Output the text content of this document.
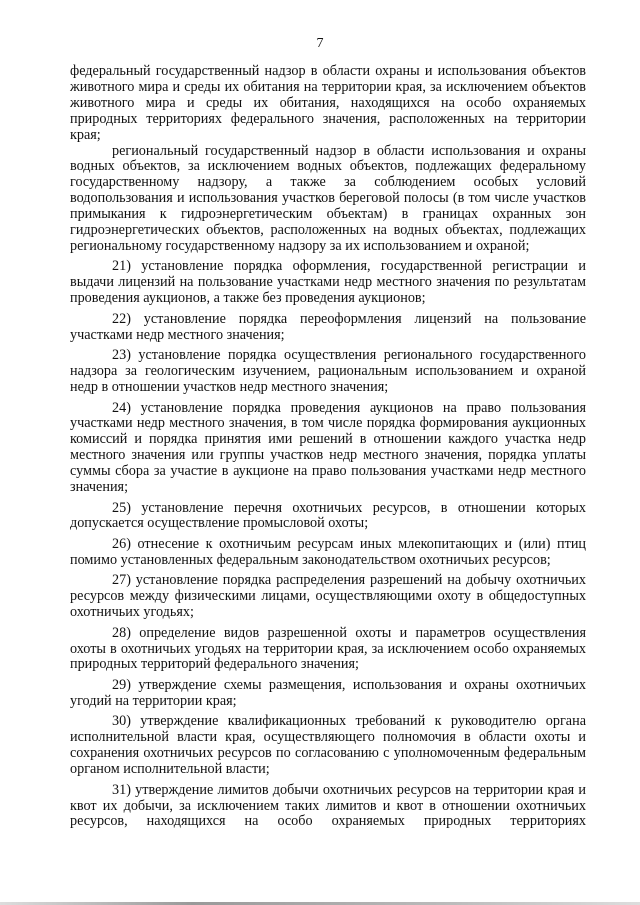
7

федеральный государственный надзор в области охраны и использования объектов животного мира и среды их обитания на территории края, за исключением объектов животного мира и среды их обитания, находящихся на особо охраняемых природных территориях федерального значения, расположенных на территории края;

региональный государственный надзор в области использования и охраны водных объектов, за исключением водных объектов, подлежащих федеральному государственному надзору, а также за соблюдением особых условий водопользования и использования участков береговой полосы (в том числе участков примыкания к гидроэнергетическим объектам) в границах охранных зон гидроэнергетических объектов, расположенных на водных объектах, подлежащих региональному государственному надзору за их использованием и охраной;

21) установление порядка оформления, государственной регистрации и выдачи лицензий на пользование участками недр местного значения по результатам проведения аукционов, а также без проведения аукционов;

22) установление порядка переоформления лицензий на пользование участками недр местного значения;

23) установление порядка осуществления регионального государственного надзора за геологическим изучением, рациональным использованием и охраной недр в отношении участков недр местного значения;

24) установление порядка проведения аукционов на право пользования участками недр местного значения, в том числе порядка формирования аукционных комиссий и порядка принятия ими решений в отношении каждого участка недр местного значения или группы участков недр местного значения, порядка уплаты суммы сбора за участие в аукционе на право пользования участками недр местного значения;

25) установление перечня охотничьих ресурсов, в отношении которых допускается осуществление промысловой охоты;

26) отнесение к охотничьим ресурсам иных млекопитающих и (или) птиц помимо установленных федеральным законодательством охотничьих ресурсов;

27) установление порядка распределения разрешений на добычу охотничьих ресурсов между физическими лицами, осуществляющими охоту в общедоступных охотничьих угодьях;

28) определение видов разрешенной охоты и параметров осуществления охоты в охотничьих угодьях на территории края, за исключением особо охраняемых природных территорий федерального значения;

29) утверждение схемы размещения, использования и охраны охотничьих угодий на территории края;

30) утверждение квалификационных требований к руководителю органа исполнительной власти края, осуществляющего полномочия в области охоты и сохранения охотничьих ресурсов по согласованию с уполномоченным федеральным органом исполнительной власти;

31) утверждение лимитов добычи охотничьих ресурсов на территории края и квот их добычи, за исключением таких лимитов и квот в отношении охотничьих ресурсов, находящихся на особо охраняемых природных территориях
